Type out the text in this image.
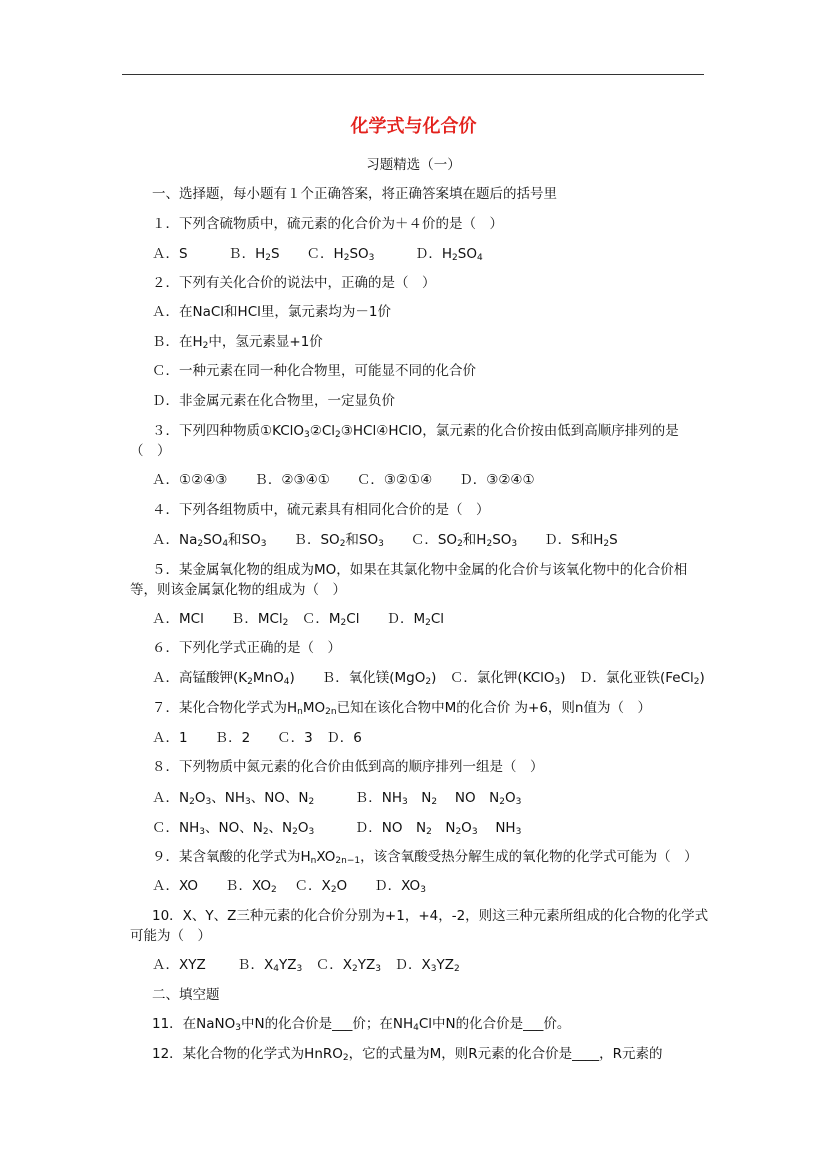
化学式与化合价
习题精选（一）
一、选择题，每小题有１个正确答案，将正确答案填在题后的括号里
１．下列含硫物质中，硫元素的化合价为＋４价的是（　）
Ａ．S　　　Ｂ．$H_2S$　　Ｃ．$H_2SO_3$　　　Ｄ．$H_2SO_4$
２．下列有关化合价的说法中，正确的是（　）
Ａ．在NaCl和HCl里，氯元素均为－1价
Ｂ．在$H_2$中，氢元素显+1价
Ｃ．一种元素在同一种化合物里，可能显不同的化合价
Ｄ．非金属元素在化合物里，一定显负价
３．下列四种物质$①KClO_3②Cl_2③HCl④HClO$，氯元素的化合价按由低到高顺序排列的是（　）
Ａ．①②④③　　Ｂ．②③④①　　Ｃ．③②①④　　Ｄ．③②④①
４．下列各组物质中，硫元素具有相同化合价的是（　）
Ａ．$Na_2SO_4$和$SO_3$　　Ｂ．$SO_2$和$SO_3$　　Ｃ．$SO_2$和$H_2SO_3$　　Ｄ．S和$H_2S$
５．某金属氧化物的组成为MO，如果在其氯化物中金属的化合价与该氧化物中的化合价相等，则该金属氯化物的组成为（　）
Ａ．MCl　　Ｂ．MCl$_2$　Ｃ．$M_2Cl$　　Ｄ．$M_2Cl$
６．下列化学式正确的是（　）
Ａ．高锰酸钾$(K_2MnO_4)$　　Ｂ．氧化镁(MgO$_2$)　Ｃ．氯化钾(KClO$_3$)　Ｄ．氯化亚铁(FeCl$_2$)
７．某化合物化学式为$H_nMO_{2n}$已知在该化合物中M的化合价 为+6，则n值为（　）
Ａ．1　　Ｂ．2　　Ｃ．3　Ｄ．6
８．下列物质中氮元素的化合价由低到高的顺序排列一组是（　）
Ａ．$N_2O_3$、$NH_3$、NO、$N_2$　　　Ｂ．$NH_3$　$N_2$　 NO　$N_2O_3$
Ｃ．$NH_3$、NO、$N_2$、$N_2O_3$　　　Ｄ．NO　$N_2$　$N_2O_3$　 $NH_3$
９．某含氧酸的化学式为$H_nXO_{2n-1}$，该含氧酸受热分解生成的氧化物的化学式可能为（　）
Ａ．XO　　Ｂ．$XO_2$　 Ｃ．$X_2O$　　Ｄ．$XO_3$
10．X、Y、Z三种元素的化合价分别为+1，+4，-2，则这三种元素所组成的化合物的化学式可能为（　）
Ａ．XYZ　　 Ｂ．$X_4YZ_3$　Ｃ．$X_2YZ_3$　Ｄ．$X_3YZ_2$
二、填空题
11．在NaNO$_3$中N的化合价是___价；在$NH_4Cl$中N的化合价是___价。
12．某化合物的化学式为HnRO$_2$，它的式量为M，则R元素的化合价是____，R元素的
